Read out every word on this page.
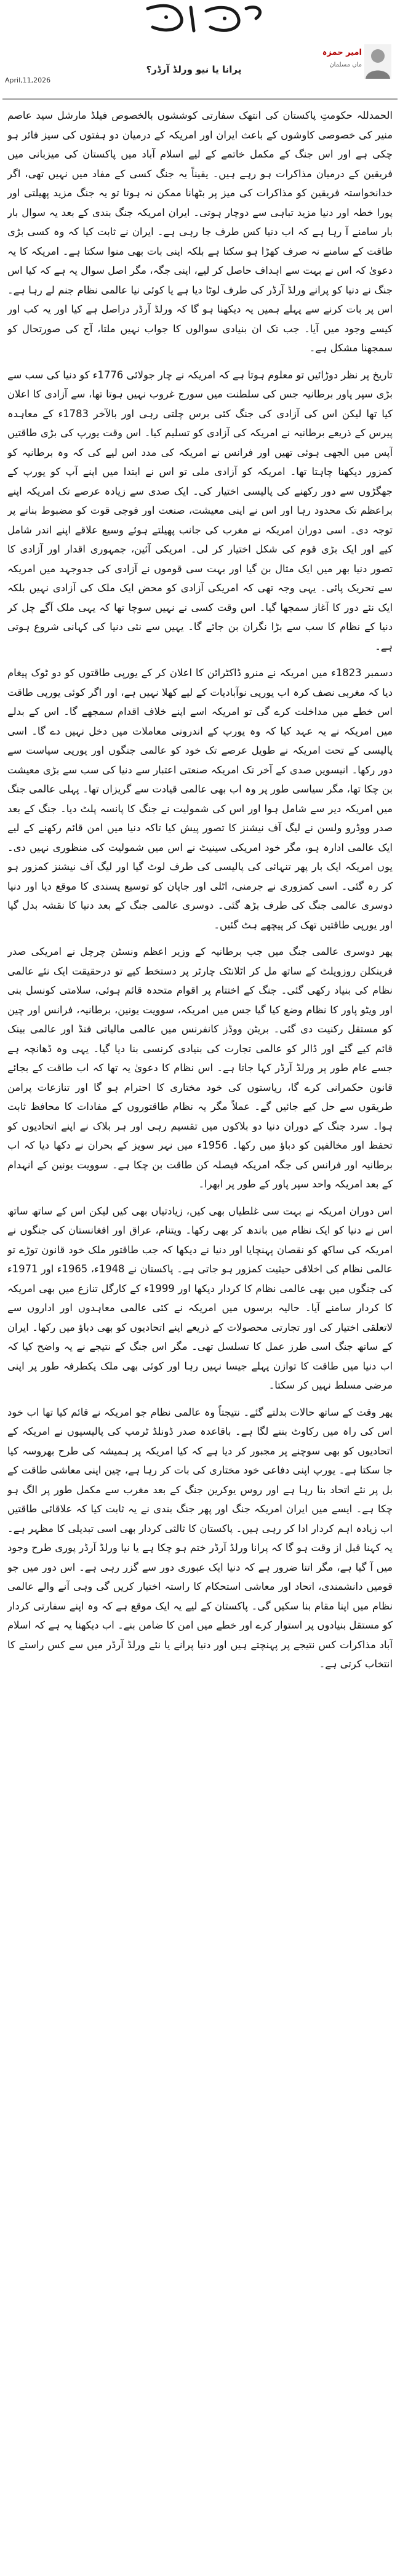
April,11,2026
پرانا یا نیو ورلڈ آرڈر؟
امیر حمزہ
ماں مسلمان

الحمدللہ حکومتِ پاکستان کی انتھک سفارتی کوششوں بالخصوص فیلڈ مارشل سید عاصم منیر کی خصوصی کاوشوں کے باعث ایران اور امریکہ کے درمیان دو ہفتوں کی سیز فائر ہو چکی ہے اور اس جنگ کے مکمل خاتمے کے لیے اسلام آباد میں پاکستان کی میزبانی میں فریقین کے درمیان مذاکرات ہو رہے ہیں۔ یقیناً یہ جنگ کسی کے مفاد میں نہیں تھی، اگر خدانخواستہ فریقین کو مذاکرات کی میز پر بٹھانا ممکن نہ ہوتا تو یہ جنگ مزید پھیلتی اور پورا خطہ اور دنیا مزید تباہی سے دوچار ہوتی۔ ایران امریکہ جنگ بندی کے بعد یہ سوال بار بار سامنے آ رہا ہے کہ اب دنیا کس طرف جا رہی ہے۔ ایران نے ثابت کیا کہ وہ کسی بڑی طاقت کے سامنے نہ صرف کھڑا ہو سکتا ہے بلکہ اپنی بات بھی منوا سکتا ہے۔ امریکہ کا یہ دعویٰ کہ اس نے بہت سے اہداف حاصل کر لیے، اپنی جگہ، مگر اصل سوال یہ ہے کہ کیا اس جنگ نے دنیا کو پرانے ورلڈ آرڈر کی طرف لوٹا دیا ہے یا کوئی نیا عالمی نظام جنم لے رہا ہے۔ اس پر بات کرنے سے پہلے ہمیں یہ دیکھنا ہو گا کہ ورلڈ آرڈر دراصل ہے کیا اور یہ کب اور کیسے وجود میں آیا۔ جب تک ان بنیادی سوالوں کا جواب نہیں ملتا، آج کی صورتحال کو سمجھنا مشکل ہے۔

تاریخ پر نظر دوڑائیں تو معلوم ہوتا ہے کہ امریکہ نے چار جولائی 1776ء کو دنیا کی سب سے بڑی سپر پاور برطانیہ جس کی سلطنت میں سورج غروب نہیں ہوتا تھا، سے آزادی کا اعلان کیا تھا لیکن اس کی آزادی کی جنگ کئی برس چلتی رہی اور بالآخر 1783ء کے معاہدہ پیرس کے ذریعے برطانیہ نے امریکہ کی آزادی کو تسلیم کیا۔ اس وقت یورپ کی بڑی طاقتیں آپس میں الجھی ہوئی تھیں اور فرانس نے امریکہ کی مدد اس لیے کی کہ وہ برطانیہ کو کمزور دیکھنا چاہتا تھا۔ امریکہ کو آزادی ملی تو اس نے ابتدا میں اپنے آپ کو یورپ کے جھگڑوں سے دور رکھنے کی پالیسی اختیار کی۔ ایک صدی سے زیادہ عرصے تک امریکہ اپنے براعظم تک محدود رہا اور اس نے اپنی معیشت، صنعت اور فوجی قوت کو مضبوط بنانے پر توجہ دی۔ اسی دوران امریکہ نے مغرب کی جانب پھیلتے ہوئے وسیع علاقے اپنے اندر شامل کیے اور ایک بڑی قوم کی شکل اختیار کر لی۔ امریکی آئین، جمہوری اقدار اور آزادی کا تصور دنیا بھر میں ایک مثال بن گیا اور بہت سی قوموں نے آزادی کی جدوجہد میں امریکہ سے تحریک پائی۔ یہی وجہ تھی کہ امریکی آزادی کو محض ایک ملک کی آزادی نہیں بلکہ ایک نئے دور کا آغاز سمجھا گیا۔ اس وقت کسی نے نہیں سوچا تھا کہ یہی ملک آگے چل کر دنیا کے نظام کا سب سے بڑا نگران بن جائے گا۔ یہیں سے نئی دنیا کی کہانی شروع ہوتی ہے۔

دسمبر 1823ء میں امریکہ نے منرو ڈاکٹرائن کا اعلان کر کے یورپی طاقتوں کو دو ٹوک پیغام دیا کہ مغربی نصف کرہ اب یورپی نوآبادیات کے لیے کھلا نہیں ہے، اور اگر کوئی یورپی طاقت اس خطے میں مداخلت کرے گی تو امریکہ اسے اپنے خلاف اقدام سمجھے گا۔ اس کے بدلے میں امریکہ نے یہ عہد کیا کہ وہ یورپ کے اندرونی معاملات میں دخل نہیں دے گا۔ اسی پالیسی کے تحت امریکہ نے طویل عرصے تک خود کو عالمی جنگوں اور یورپی سیاست سے دور رکھا۔ انیسویں صدی کے آخر تک امریکہ صنعتی اعتبار سے دنیا کی سب سے بڑی معیشت بن چکا تھا، مگر سیاسی طور پر وہ اب بھی عالمی قیادت سے گریزاں تھا۔ پہلی عالمی جنگ میں امریکہ دیر سے شامل ہوا اور اس کی شمولیت نے جنگ کا پانسہ پلٹ دیا۔ جنگ کے بعد صدر ووڈرو ولسن نے لیگ آف نیشنز کا تصور پیش کیا تاکہ دنیا میں امن قائم رکھنے کے لیے ایک عالمی ادارہ ہو، مگر خود امریکی سینیٹ نے اس میں شمولیت کی منظوری نہیں دی۔ یوں امریکہ ایک بار پھر تنہائی کی پالیسی کی طرف لوٹ گیا اور لیگ آف نیشنز کمزور ہو کر رہ گئی۔ اسی کمزوری نے جرمنی، اٹلی اور جاپان کو توسیع پسندی کا موقع دیا اور دنیا دوسری عالمی جنگ کی طرف بڑھ گئی۔ دوسری عالمی جنگ کے بعد دنیا کا نقشہ بدل گیا اور یورپی طاقتیں تھک کر پیچھے ہٹ گئیں۔

پھر دوسری عالمی جنگ میں جب برطانیہ کے وزیر اعظم ونسٹن چرچل نے امریکی صدر فرینکلن روزویلٹ کے ساتھ مل کر اٹلانٹک چارٹر پر دستخط کیے تو درحقیقت ایک نئے عالمی نظام کی بنیاد رکھی گئی۔ جنگ کے اختتام پر اقوام متحدہ قائم ہوئی، سلامتی کونسل بنی اور ویٹو پاور کا نظام وضع کیا گیا جس میں امریکہ، سوویت یونین، برطانیہ، فرانس اور چین کو مستقل رکنیت دی گئی۔ بریٹن ووڈز کانفرنس میں عالمی مالیاتی فنڈ اور عالمی بینک قائم کیے گئے اور ڈالر کو عالمی تجارت کی بنیادی کرنسی بنا دیا گیا۔ یہی وہ ڈھانچہ ہے جسے عام طور پر ورلڈ آرڈر کہا جاتا ہے۔ اس نظام کا دعویٰ یہ تھا کہ اب طاقت کے بجائے قانون حکمرانی کرے گا، ریاستوں کی خود مختاری کا احترام ہو گا اور تنازعات پرامن طریقوں سے حل کیے جائیں گے۔ عملاً مگر یہ نظام طاقتوروں کے مفادات کا محافظ ثابت ہوا۔ سرد جنگ کے دوران دنیا دو بلاکوں میں تقسیم رہی اور ہر بلاک نے اپنے اتحادیوں کو تحفظ اور مخالفین کو دباؤ میں رکھا۔ 1956ء میں نہر سویز کے بحران نے دکھا دیا کہ اب برطانیہ اور فرانس کی جگہ امریکہ فیصلہ کن طاقت بن چکا ہے۔ سوویت یونین کے انہدام کے بعد امریکہ واحد سپر پاور کے طور پر ابھرا۔

اس دوران امریکہ نے بہت سی غلطیاں بھی کیں، زیادتیاں بھی کیں لیکن اس کے ساتھ ساتھ اس نے دنیا کو ایک نظام میں باندھ کر بھی رکھا۔ ویتنام، عراق اور افغانستان کی جنگوں نے امریکہ کی ساکھ کو نقصان پہنچایا اور دنیا نے دیکھا کہ جب طاقتور ملک خود قانون توڑے تو عالمی نظام کی اخلاقی حیثیت کمزور ہو جاتی ہے۔ پاکستان نے 1948ء، 1965ء اور 1971ء کی جنگوں میں بھی عالمی نظام کا کردار دیکھا اور 1999ء کے کارگل تنازع میں بھی امریکہ کا کردار سامنے آیا۔ حالیہ برسوں میں امریکہ نے کئی عالمی معاہدوں اور اداروں سے لاتعلقی اختیار کی اور تجارتی محصولات کے ذریعے اپنے اتحادیوں کو بھی دباؤ میں رکھا۔ ایران کے ساتھ جنگ اسی طرز عمل کا تسلسل تھی۔ مگر اس جنگ کے نتیجے نے یہ واضح کیا کہ اب دنیا میں طاقت کا توازن پہلے جیسا نہیں رہا اور کوئی بھی ملک یکطرفہ طور پر اپنی مرضی مسلط نہیں کر سکتا۔

پھر وقت کے ساتھ حالات بدلتے گئے۔ نتیجتاً وہ عالمی نظام جو امریکہ نے قائم کیا تھا اب خود اس کی راہ میں رکاوٹ بننے لگا ہے۔ باقاعدہ صدر ڈونلڈ ٹرمپ کی پالیسیوں نے امریکہ کے اتحادیوں کو بھی سوچنے پر مجبور کر دیا ہے کہ کیا امریکہ پر ہمیشہ کی طرح بھروسہ کیا جا سکتا ہے۔ یورپ اپنی دفاعی خود مختاری کی بات کر رہا ہے، چین اپنی معاشی طاقت کے بل پر نئے اتحاد بنا رہا ہے اور روس یوکرین جنگ کے بعد مغرب سے مکمل طور پر الگ ہو چکا ہے۔ ایسے میں ایران امریکہ جنگ اور پھر جنگ بندی نے یہ ثابت کیا کہ علاقائی طاقتیں اب زیادہ اہم کردار ادا کر رہی ہیں۔ پاکستان کا ثالثی کردار بھی اسی تبدیلی کا مظہر ہے۔ یہ کہنا قبل از وقت ہو گا کہ پرانا ورلڈ آرڈر ختم ہو چکا ہے یا نیا ورلڈ آرڈر پوری طرح وجود میں آ گیا ہے، مگر اتنا ضرور ہے کہ دنیا ایک عبوری دور سے گزر رہی ہے۔ اس دور میں جو قومیں دانشمندی، اتحاد اور معاشی استحکام کا راستہ اختیار کریں گی وہی آنے والے عالمی نظام میں اپنا مقام بنا سکیں گی۔ پاکستان کے لیے یہ ایک موقع ہے کہ وہ اپنے سفارتی کردار کو مستقل بنیادوں پر استوار کرے اور خطے میں امن کا ضامن بنے۔ اب دیکھنا یہ ہے کہ اسلام آباد مذاکرات کس نتیجے پر پہنچتے ہیں اور دنیا پرانے یا نئے ورلڈ آرڈر میں سے کس راستے کا انتخاب کرتی ہے۔
